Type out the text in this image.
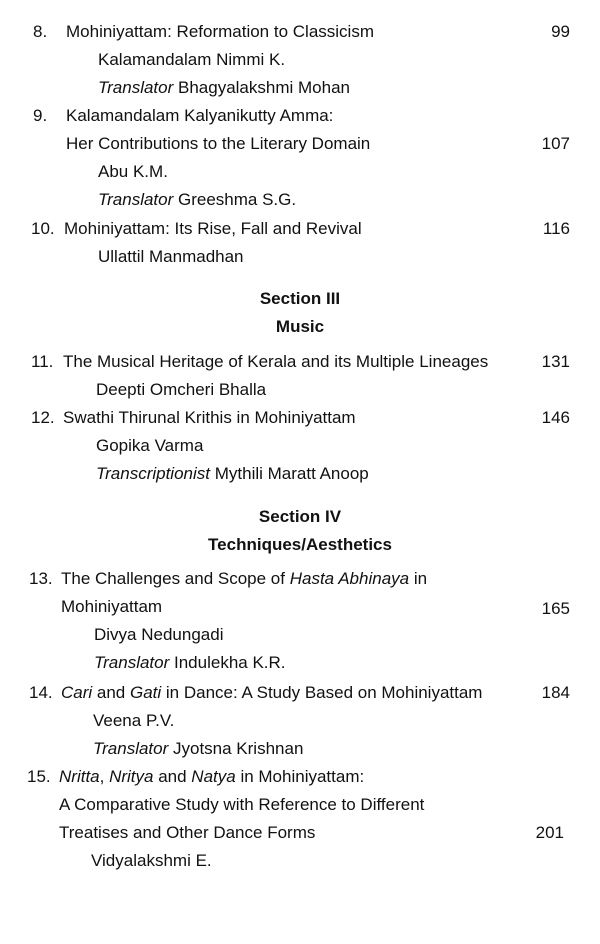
8. Mohiniyattam: Reformation to Classicism	99
Kalamandalam Nimmi K.
Translator Bhagyalakshmi Mohan
9. Kalamandalam Kalyanikutty Amma:
Her Contributions to the Literary Domain	107
Abu K.M.
Translator Greeshma S.G.
10. Mohiniyattam: Its Rise, Fall and Revival	116
Ullattil Manmadhan
Section III
Music
11. The Musical Heritage of Kerala and its Multiple Lineages	131
Deepti Omcheri Bhalla
12. Swathi Thirunal Krithis in Mohiniyattam	146
Gopika Varma
Transcriptionist Mythili Maratt Anoop
Section IV
Techniques/Aesthetics
13. The Challenges and Scope of Hasta Abhinaya in
Mohiniyattam	165
Divya Nedungadi
Translator Indulekha K.R.
14. Cari and Gati in Dance: A Study Based on Mohiniyattam	184
Veena P.V.
Translator Jyotsna Krishnan
15. Nritta, Nritya and Natya in Mohiniyattam:
A Comparative Study with Reference to Different
Treatises and Other Dance Forms	201
Vidyalakshmi E.
